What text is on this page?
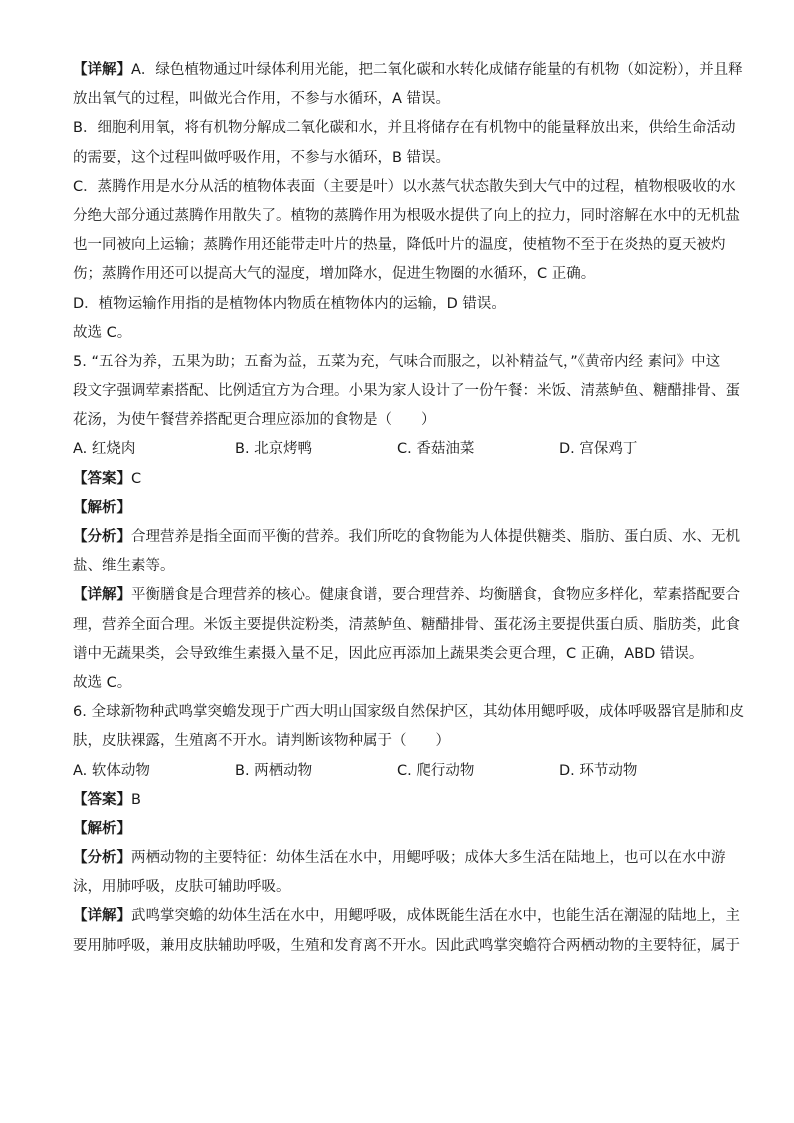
【详解】A．绿色植物通过叶绿体利用光能，把二氧化碳和水转化成储存能量的有机物（如淀粉），并且释
放出氧气的过程，叫做光合作用，不参与水循环，A 错误。
B．细胞利用氧，将有机物分解成二氧化碳和水，并且将储存在有机物中的能量释放出来，供给生命活动
的需要，这个过程叫做呼吸作用，不参与水循环，B 错误。
C．蒸腾作用是水分从活的植物体表面（主要是叶）以水蒸气状态散失到大气中的过程，植物根吸收的水
分绝大部分通过蒸腾作用散失了。植物的蒸腾作用为根吸水提供了向上的拉力，同时溶解在水中的无机盐
也一同被向上运输；蒸腾作用还能带走叶片的热量，降低叶片的温度，使植物不至于在炎热的夏天被灼
伤；蒸腾作用还可以提高大气的湿度，增加降水，促进生物圈的水循环，C 正确。
D．植物运输作用指的是植物体内物质在植物体内的运输，D 错误。
故选 C。
5. “五谷为养，五果为助；五畜为益，五菜为充，气味合而服之，以补精益气，”《黄帝内经 素问》中这
段文字强调荤素搭配、比例适宜方为合理。小果为家人设计了一份午餐：米饭、清蒸鲈鱼、糖醋排骨、蛋
花汤，为使午餐营养搭配更合理应添加的食物是（　　）
A. 红烧肉	B. 北京烤鸭	C. 香菇油菜	D. 宫保鸡丁
【答案】C
【解析】
【分析】合理营养是指全面而平衡的营养。我们所吃的食物能为人体提供糖类、脂肪、蛋白质、水、无机
盐、维生素等。
【详解】平衡膳食是合理营养的核心。健康食谱，要合理营养、均衡膳食，食物应多样化，荤素搭配要合
理，营养全面合理。米饭主要提供淀粉类，清蒸鲈鱼、糖醋排骨、蛋花汤主要提供蛋白质、脂肪类，此食
谱中无蔬果类，会导致维生素摄入量不足，因此应再添加上蔬果类会更合理，C 正确，ABD 错误。
故选 C。
6. 全球新物种武鸣掌突蟾发现于广西大明山国家级自然保护区，其幼体用鳃呼吸，成体呼吸器官是肺和皮
肤，皮肤裸露，生殖离不开水。请判断该物种属于（　　）
A. 软体动物	B. 两栖动物	C. 爬行动物	D. 环节动物
【答案】B
【解析】
【分析】两栖动物的主要特征：幼体生活在水中，用鳃呼吸；成体大多生活在陆地上，也可以在水中游
泳，用肺呼吸，皮肤可辅助呼吸。
【详解】武鸣掌突蟾的幼体生活在水中，用鳃呼吸，成体既能生活在水中，也能生活在潮湿的陆地上，主
要用肺呼吸，兼用皮肤辅助呼吸，生殖和发育离不开水。因此武鸣掌突蟾符合两栖动物的主要特征，属于
